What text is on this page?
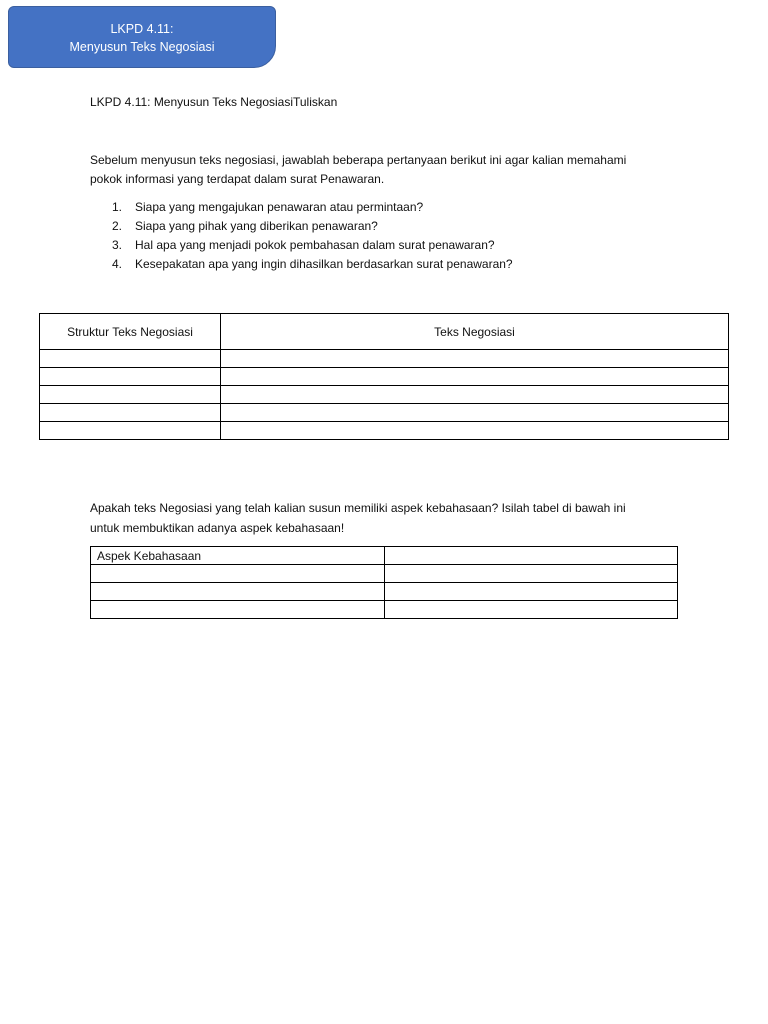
LKPD 4.11:
Menyusun Teks Negosiasi
LKPD 4.11: Menyusun Teks NegosiasiTuliskan
Sebelum menyusun teks negosiasi, jawablah beberapa pertanyaan berikut ini agar kalian memahami
pokok informasi yang terdapat dalam surat Penawaran.
1.	Siapa yang mengajukan penawaran atau permintaan?
2.	Siapa yang pihak yang diberikan penawaran?
3.	Hal apa yang menjadi pokok pembahasan dalam surat penawaran?
4.	Kesepakatan apa yang ingin dihasilkan berdasarkan surat penawaran?
Struktur Teks Negosiasi	Teks Negosiasi

Apakah teks Negosiasi yang telah kalian susun memiliki aspek kebahasaan? Isilah tabel di bawah ini
untuk membuktikan adanya aspek kebahasaan!
Aspek Kebahasaan	
